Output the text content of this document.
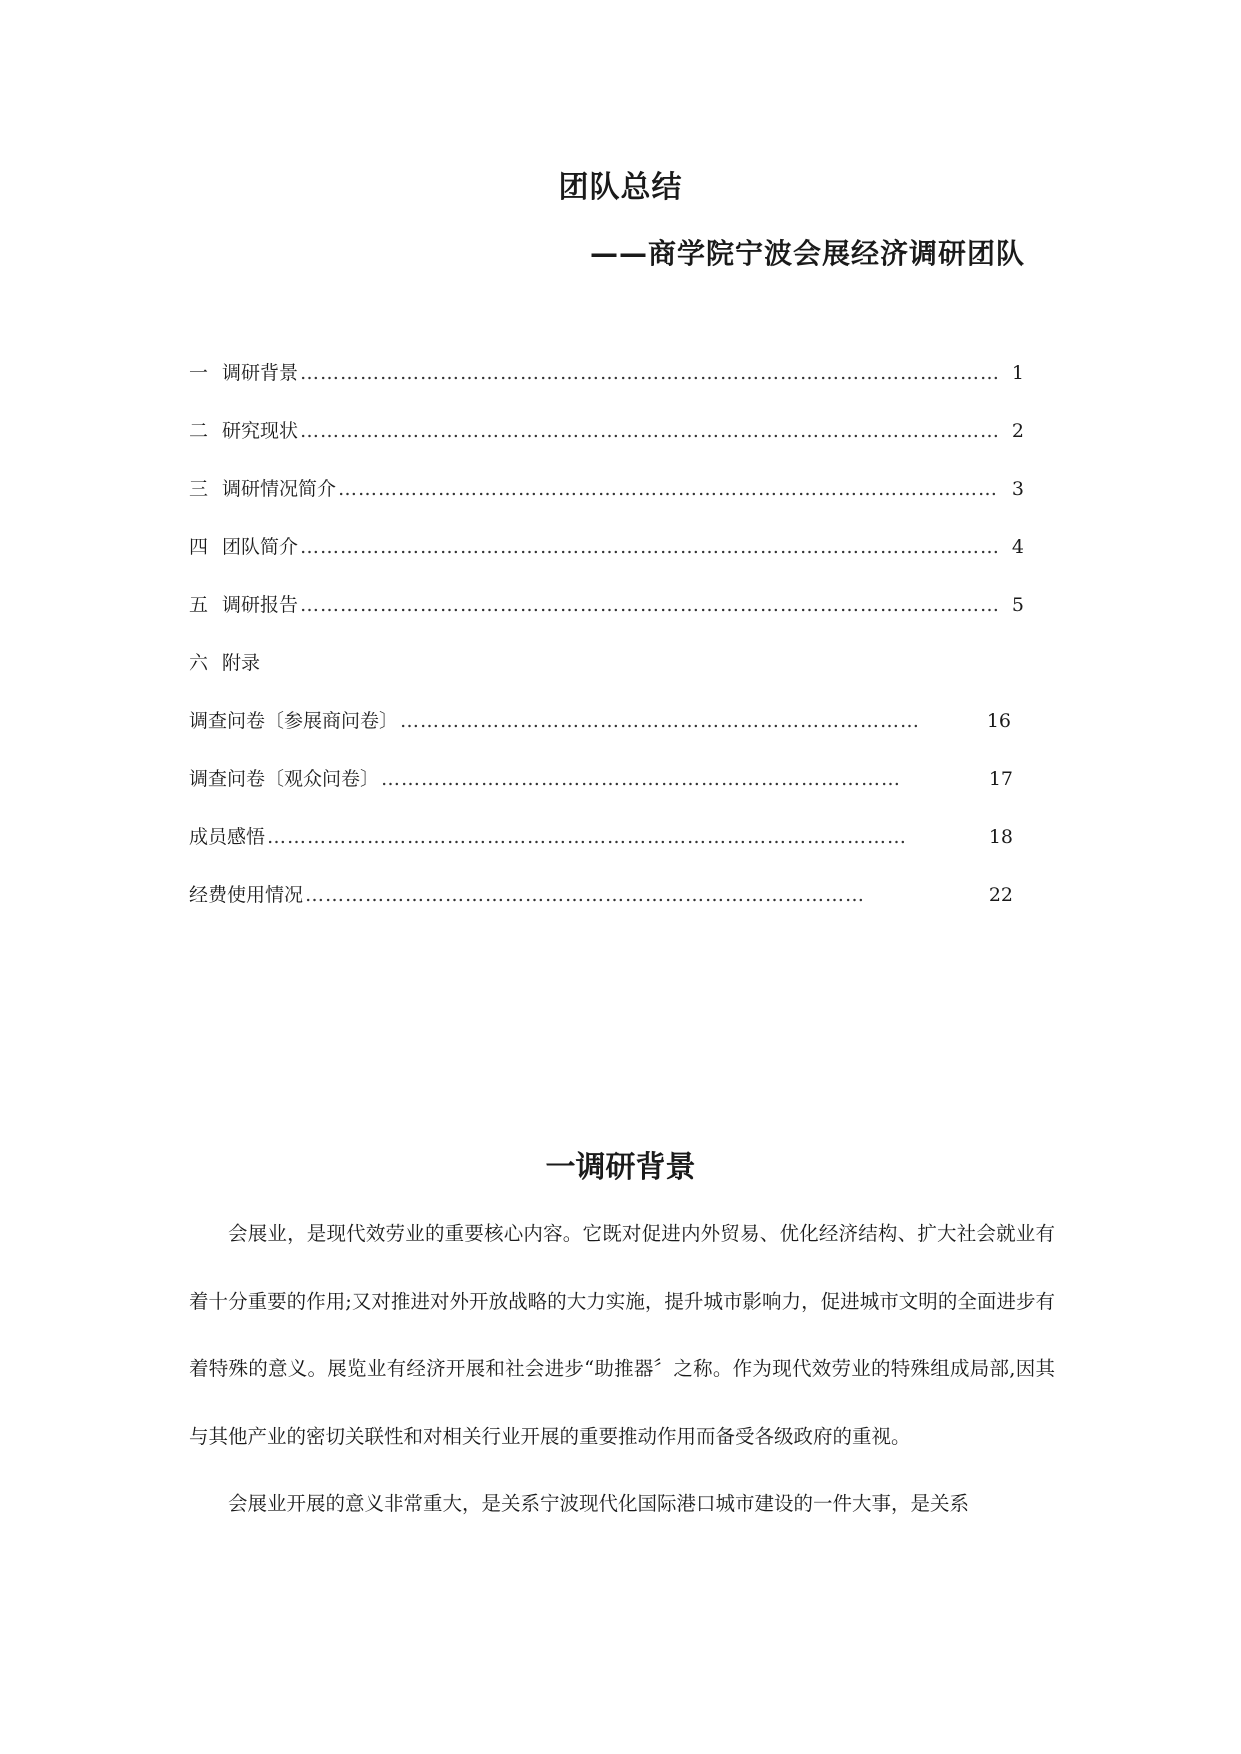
团队总结
——商学院宁波会展经济调研团队
一 调研背景 …………………………………………………………………………………………… 1
二 研究现状 …………………………………………………………………………………………… 2
三 调研情况简介 ……………………………………………………………………………………… 3
四 团队简介 …………………………………………………………………………………………… 4
五 调研报告 …………………………………………………………………………………………… 5
六 附录
调查问卷〔参展商问卷〕 ……………………………………………………………………	16
调查问卷〔观众问卷〕 ……………………………………………………………………	17
成员感悟 ……………………………………………………………………………………	18
经费使用情况 …………………………………………………………………………	22
一调研背景

会展业，是现代效劳业的重要核心内容。它既对促进内外贸易、优化经济结构、扩大社会就业有着十分重要的作用;又对推进对外开放战略的大力实施，提升城市影响力，促进城市文明的全面进步有着特殊的意义。展览业有经济开展和社会进步“助推器〞之称。作为现代效劳业的特殊组成局部,因其与其他产业的密切关联性和对相关行业开展的重要推动作用而备受各级政府的重视。

会展业开展的意义非常重大，是关系宁波现代化国际港口城市建设的一件大事，是关系
